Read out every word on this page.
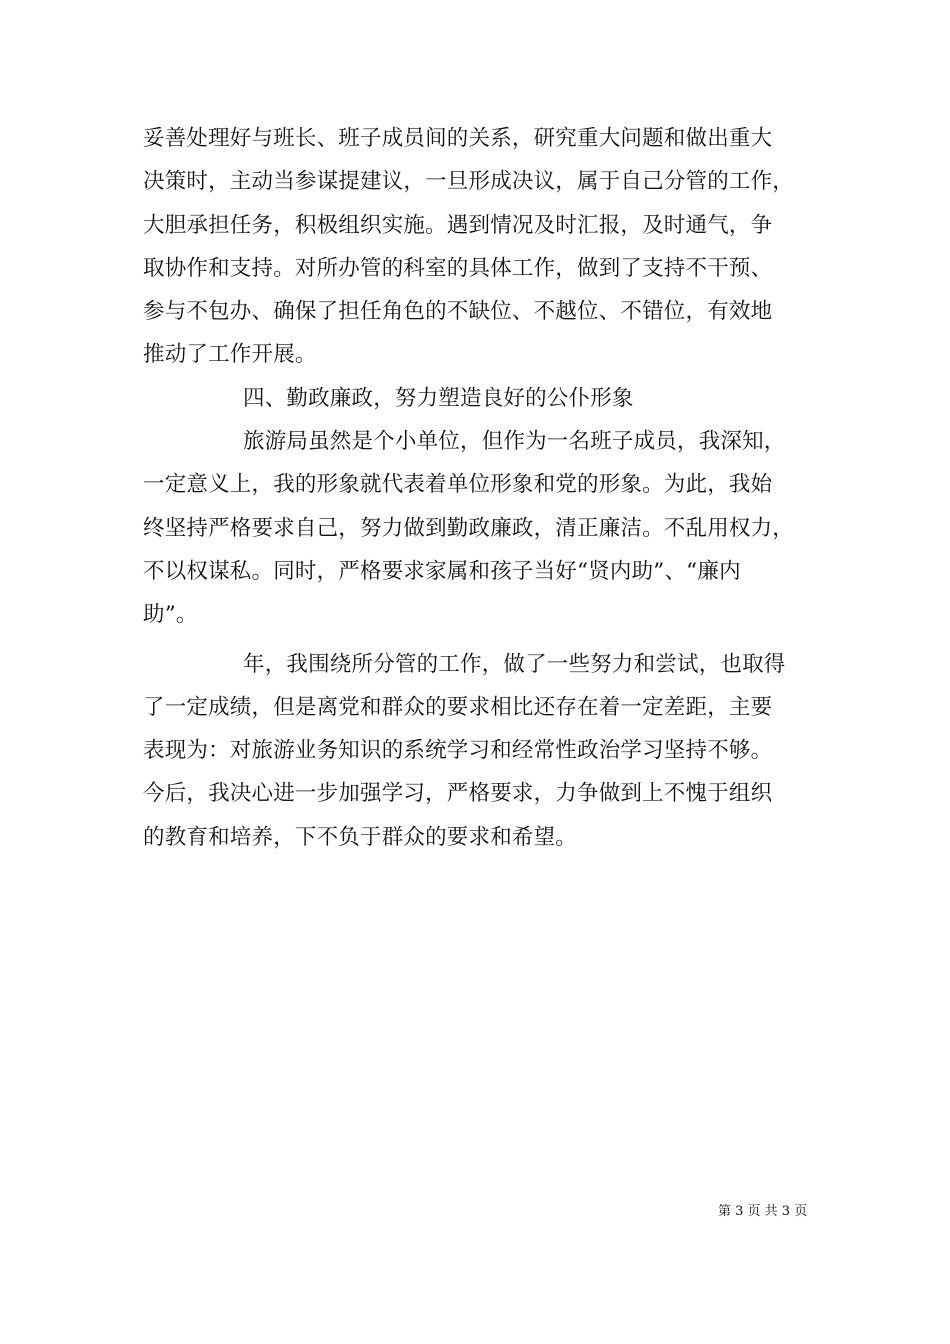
妥善处理好与班长、班子成员间的关系，研究重大问题和做出重大
决策时，主动当参谋提建议，一旦形成决议，属于自己分管的工作，
大胆承担任务，积极组织实施。遇到情况及时汇报，及时通气，争
取协作和支持。对所办管的科室的具体工作，做到了支持不干预、
参与不包办、确保了担任角色的不缺位、不越位、不错位，有效地
推动了工作开展。
四、勤政廉政，努力塑造良好的公仆形象
旅游局虽然是个小单位，但作为一名班子成员，我深知，
一定意义上，我的形象就代表着单位形象和党的形象。为此，我始
终坚持严格要求自己，努力做到勤政廉政，清正廉洁。不乱用权力，
不以权谋私。同时，严格要求家属和孩子当好“贤内助”、“廉内
助”。
年，我围绕所分管的工作，做了一些努力和尝试，也取得
了一定成绩，但是离党和群众的要求相比还存在着一定差距，主要
表现为：对旅游业务知识的系统学习和经常性政治学习坚持不够。
今后，我决心进一步加强学习，严格要求，力争做到上不愧于组织
的教育和培养，下不负于群众的要求和希望。
第 3 页 共 3 页
